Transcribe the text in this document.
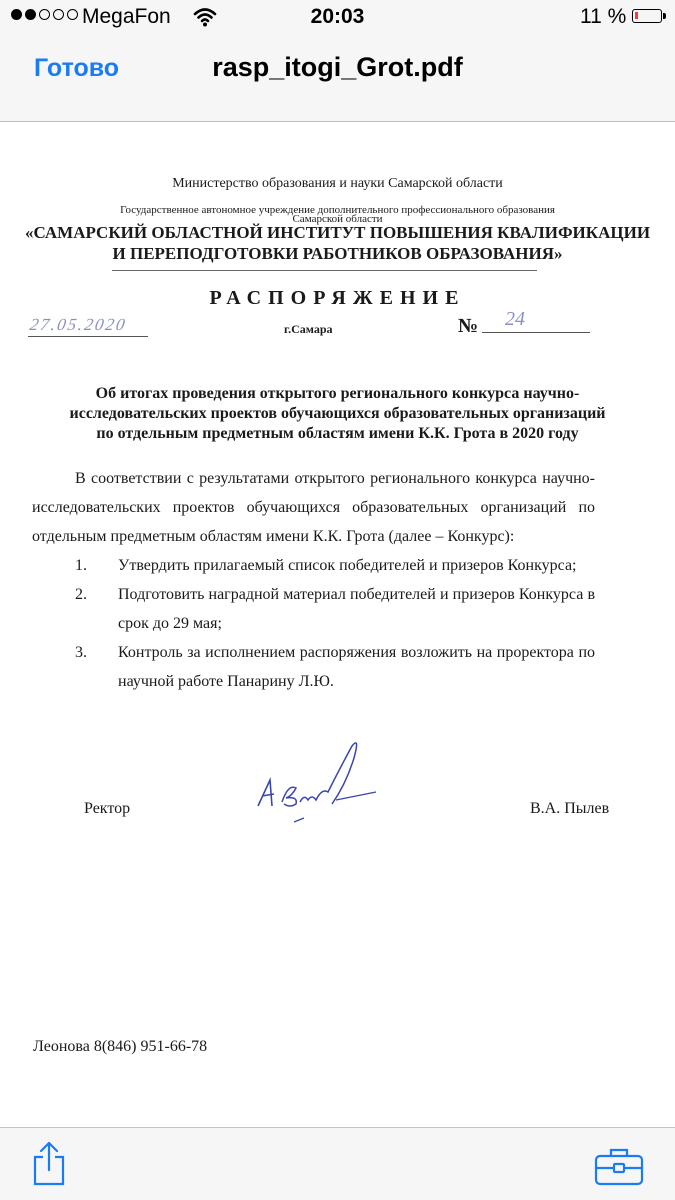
MegaFon	20:03	11 %
Готово	rasp_itogi_Grot.pdf
Министерство образования и науки Самарской области
Государственное автономное учреждение дополнительного профессионального образования
Самарской области
«САМАРСКИЙ ОБЛАСТНОЙ ИНСТИТУТ ПОВЫШЕНИЯ КВАЛИФИКАЦИИ
И ПЕРЕПОДГОТОВКИ РАБОТНИКОВ ОБРАЗОВАНИЯ»
РАСПОРЯЖЕНИЕ
27.05.2020	г.Самара	№ 24
Об итогах проведения открытого регионального конкурса научно-
исследовательских проектов обучающихся образовательных организаций
по отдельным предметным областям имени К.К. Грота в 2020 году
В соответствии с результатами открытого регионального конкурса научно-исследовательских проектов обучающихся образовательных организаций по отдельным предметным областям имени К.К. Грота (далее – Конкурс):
1.	Утвердить прилагаемый список победителей и призеров Конкурса;
2.	Подготовить наградной материал победителей и призеров Конкурса в срок до 29 мая;
3.	Контроль за исполнением распоряжения возложить на проректора по научной работе Панарину Л.Ю.
Ректор	В.А. Пылев
Леонова 8(846) 951-66-78
